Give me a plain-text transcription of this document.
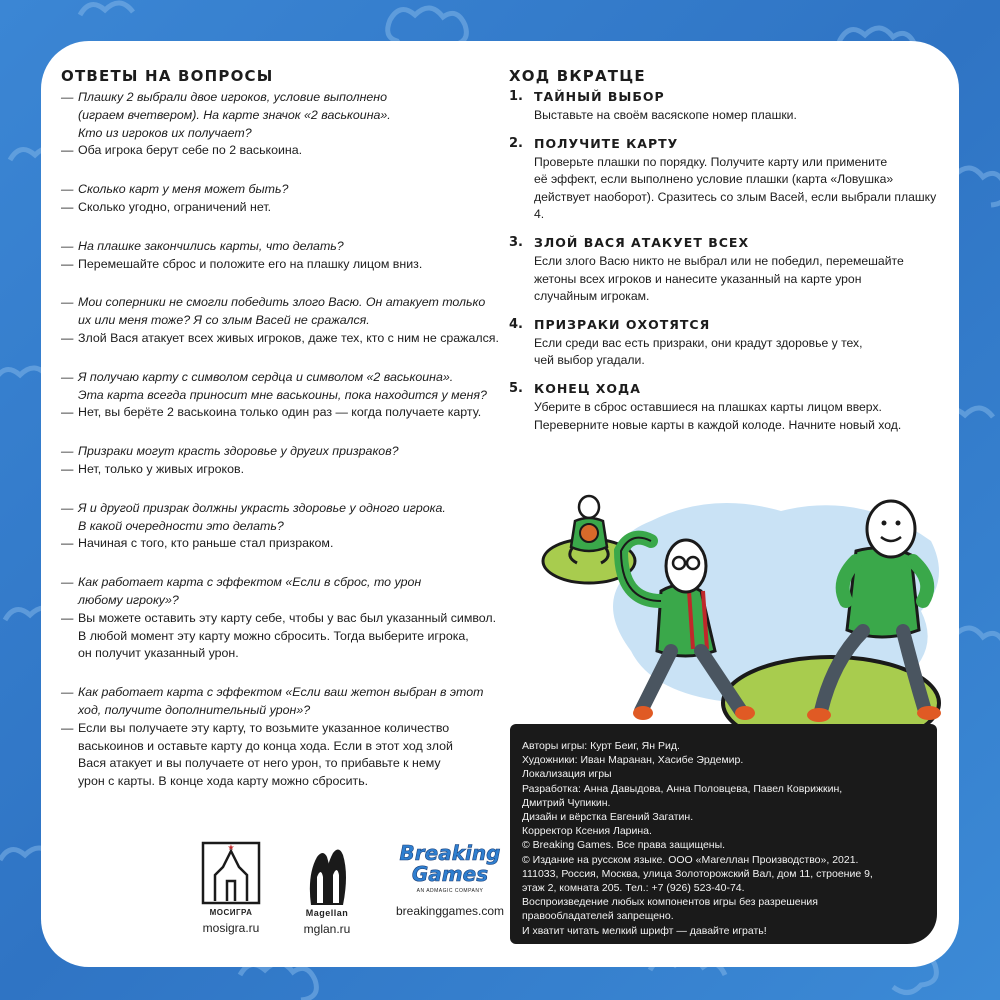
ОТВЕТЫ НА ВОПРОСЫ
— Плашку 2 выбрали двое игроков, условие выполнено
(играем вчетвером). На карте значок «2 васькоина».
Кто из игроков их получает?
— Оба игрока берут себе по 2 васькоина.
— Сколько карт у меня может быть?
— Сколько угодно, ограничений нет.
— На плашке закончились карты, что делать?
— Перемешайте сброс и положите его на плашку лицом вниз.
— Мои соперники не смогли победить злого Васю. Он атакует только
их или меня тоже? Я со злым Васей не сражался.
— Злой Вася атакует всех живых игроков, даже тех, кто с ним не сражался.
— Я получаю карту с символом сердца и символом «2 васькоина».
Эта карта всегда приносит мне васькоины, пока находится у меня?
— Нет, вы берёте 2 васькоина только один раз — когда получаете карту.
— Призраки могут красть здоровье у других призраков?
— Нет, только у живых игроков.
— Я и другой призрак должны украсть здоровье у одного игрока.
В какой очередности это делать?
— Начиная с того, кто раньше стал призраком.
— Как работает карта с эффектом «Если в сброс, то урон
любому игроку»?
— Вы можете оставить эту карту себе, чтобы у вас был указанный символ.
В любой момент эту карту можно сбросить. Тогда выберите игрока,
он получит указанный урон.
— Как работает карта с эффектом «Если ваш жетон выбран в этот
ход, получите дополнительный урон»?
— Если вы получаете эту карту, то возьмите указанное количество
васькоинов и оставьте карту до конца хода. Если в этот ход злой
Вася атакует и вы получаете от него урон, то прибавьте к нему
урон с карты. В конце хода карту можно сбросить.
ХОД ВКРАТЦЕ
1. ТАЙНЫЙ ВЫБОР
Выставьте на своём васяскопе номер плашки.
2. ПОЛУЧИТЕ КАРТУ
Проверьте плашки по порядку. Получите карту или примените
её эффект, если выполнено условие плашки (карта «Ловушка»
действует наоборот). Сразитесь со злым Васей, если выбрали плашку 4.
3. ЗЛОЙ ВАСЯ АТАКУЕТ ВСЕХ
Если злого Васю никто не выбрал или не победил, перемешайте
жетоны всех игроков и нанесите указанный на карте урон
случайным игрокам.
4. ПРИЗРАКИ ОХОТЯТСЯ
Если среди вас есть призраки, они крадут здоровье у тех,
чей выбор угадали.
5. КОНЕЦ ХОДА
Уберите в сброс оставшиеся на плашках карты лицом вверх.
Переверните новые карты в каждой колоде. Начните новый ход.
Авторы игры: Курт Беиг, Ян Рид.
Художники: Иван Маранан, Хасибе Эрдемир.
Локализация игры
Разработка: Анна Давыдова, Анна Половцева, Павел Коврижкин,
Дмитрий Чупикин.
Дизайн и вёрстка Евгений Загатин.
Корректор Ксения Ларина.
© Breaking Games. Все права защищены.
© Издание на русском языке. ООО «Магеллан Производство», 2021.
111033, Россия, Москва, улица Золоторожский Вал, дом 11, строение 9,
этаж 2, комната 205. Тел.: +7 (926) 523-40-74.
Воспроизведение любых компонентов игры без разрешения
правообладателей запрещено.
И хватит читать мелкий шрифт — давайте играть!
★
МОСИГРА
mosigra.ru
Magellan
mglan.ru
Breaking
Games
AN ADMAGIC COMPANY
breakinggames.com
